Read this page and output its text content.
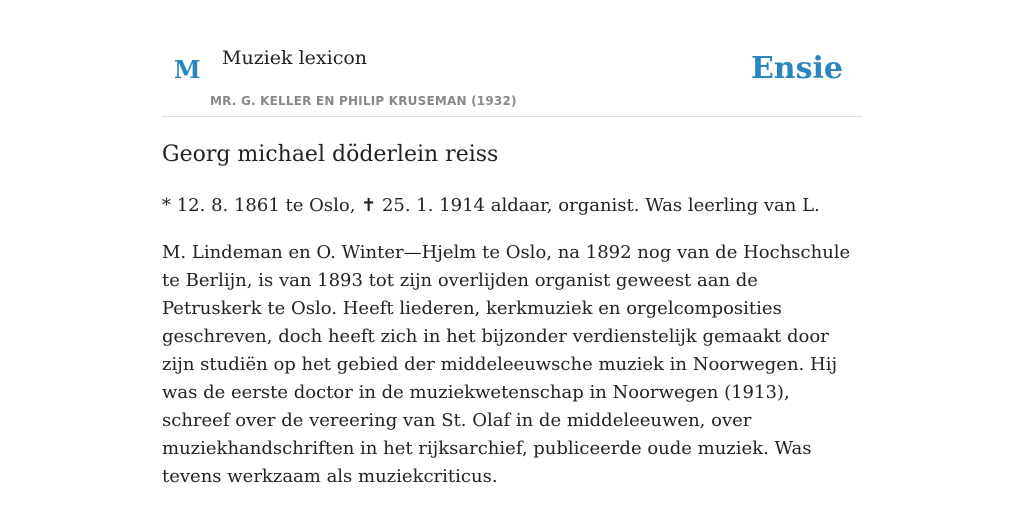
M Muziek lexicon
MR. G. KELLER EN PHILIP KRUSEMAN (1932)
Ensie
Georg michael döderlein reiss

* 12. 8. 1861 te Oslo, ✝ 25. 1. 1914 aldaar, organist. Was leerling van L.

M. Lindeman en O. Winter—Hjelm te Oslo, na 1892 nog van de Hochschule te Berlijn, is van 1893 tot zijn overlijden organist geweest aan de Petruskerk te Oslo. Heeft liederen, kerkmuziek en orgelcomposities geschreven, doch heeft zich in het bijzonder verdienstelijk gemaakt door zijn studiën op het gebied der middeleeuwsche muziek in Noorwegen. Hij was de eerste doctor in de muziekwetenschap in Noorwegen (1913), schreef over de vereering van St. Olaf in de middeleeuwen, over muziekhandschriften in het rijksarchief, publiceerde oude muziek. Was tevens werkzaam als muziekcriticus.
